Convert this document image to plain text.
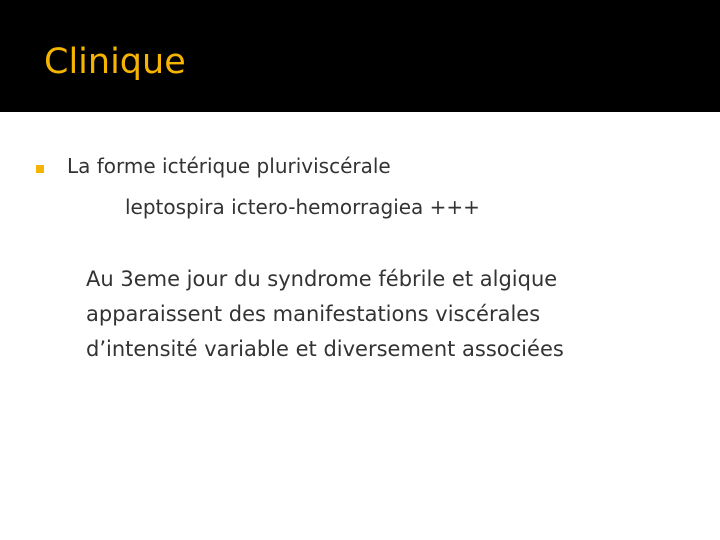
Clinique
La forme ictérique pluriviscérale
leptospira ictero-hemorragiea +++
Au 3eme jour du syndrome fébrile et algique
apparaissent des manifestations viscérales
d’intensité variable et diversement associées
